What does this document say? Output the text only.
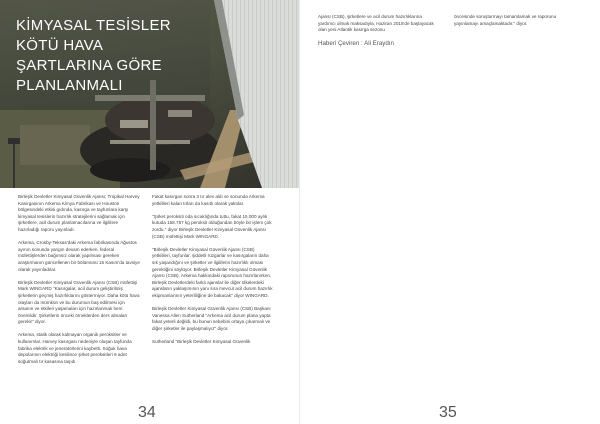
KİMYASAL TESİSLER
KÖTÜ HAVA
ŞARTLARINA GÖRE
PLANLANMALI

Birleşik Devletler Kimyasal Güvenlik Ajansı; Tropikal Harvey Kasırgasının Arkema Kimya Fabrikası ve Houston bölgesindeki etkisi gıdında, kasırga ve tayfunlara karşı kimyasal tesislerin hazırlık stratejilerini sağlamak için şirketlere, acil durum planlamacılarına ve ilgililere hazırladığı raporu yayınladı.

Arkema, Crosby-Teksas'daki Arkema fabrikasında Ağustos ayının sonunda yangın devam ederken, federal müfettişlerden bağımsız olarak yapılması gereken araştırmanın güncellenen bir bölümünü 15 Kasım'da tavsiye olarak yayınladılar.

Birleşik Devletler Kimyasal Güvenlik Ajansı (CSB) müfettişi Mark WINGARD "Kasırgalar, acil durum geliştirilmiş şirketlerin geçmiş hazırlıklarını göstermiyor. Daha kötü hava olayları da mümkün ve bu durumun baş edilmesi için arsanın ve etkileri yaşamaları için hazırlanmalı hem önemlidir. Şirketlerin önceki örneklerden ders almaları gerekir" diyor.

Arkema, statik olarak kalmayan organik peroksitler ve kullanımlar. Harvey kasırgası nedeniyle oluşan tayfunda fabrika elektrik ve jeneratörlerini kaybetti. Soğuk hava depolarının elektriği kesilince şirket peroksitleri 9 adet soğutmalı tır kasasına taşıdı.

Fakat kasırgan sonra 3 tır alev aldı ve sonunda Arkema yetkilileri kalan tırları da kasıtlı olarak yaktılar.

"Şirket peroksiti oda sıcaklığında tuttu, fakat 15.000 aylık kutuda 158.757 kg peroksit olduğundan böyle bir işlem çok zordu." diyor Birleşik Devletler Kimyasal Güvenlik Ajansı (CSB) müfettişi Mark WINGARD.

"Birleşik Devletler Kimyasal Güvenlik Ajansı (CSB) yetkilileri, tayfunlar, şiddetli rüzgarlar ve kasırgaların daha sık yaşandığını ve şirketler ve ilgililerin hazırlıklı olması gerektiğini söylüyor. Birleşik Devletler Kimyasal Güvenlik Ajansı (CSB), Arkema hakkındaki raporunun hazırlanırken, Birleşik Devletlerdeki farklı ajanslar ile diğer ülkelerdeki ajansların yaklaşımının yanı sıra mevcut acil durum hazırlık ekipmanlarının yeterliliğine de bakacak" diyor WINGARD.

Birleşik Devletler Kimyasal Güvenlik Ajansı (CSB) Başkanı Vanessa Allen Sutherland "Arkema acil durum plana yapta fakat yeterli değildi, bu bunun sebebini ortaya çıkarmalı ve diğer şirketler ile paylaşmalıyız" diyor.

Sutherland "Birleşik Devletler Kimyasal Güvenlik

34	35

Ajansı (CSB), şirketlere ve acil durum hazırlıklarına yardımcı olmak maksadıyla, Haziran 2018'de başlayacak olan yeni Atlantik kasırga sezonu

Haberi Çeviren : Ali Eraydın

öncesinde soruşturmayı tamamlamak ve raporunu yayınlamayı amaçlamaktadır." diyor.
